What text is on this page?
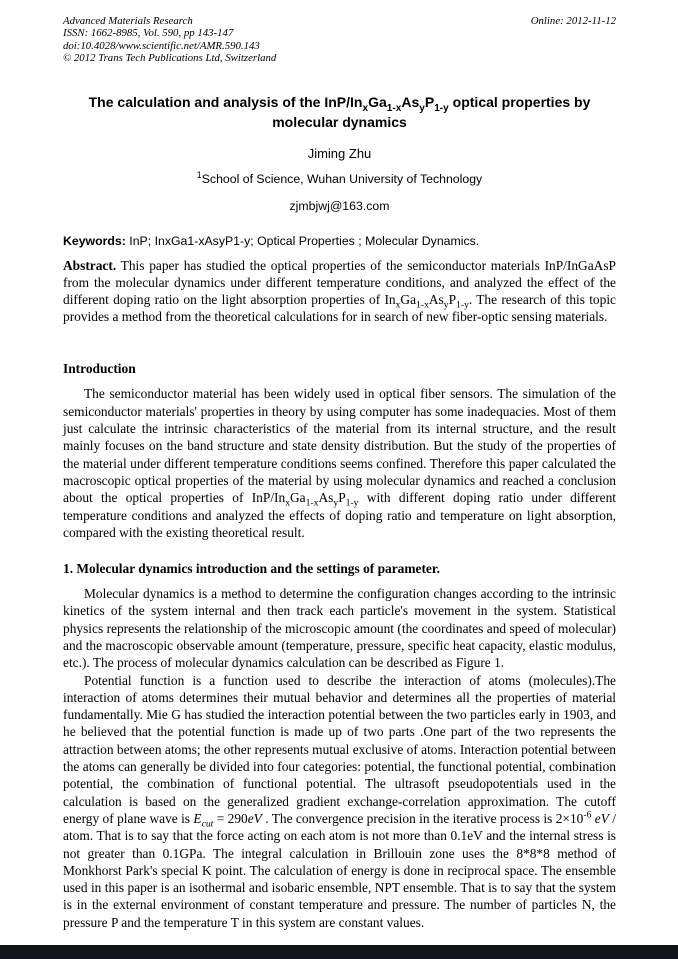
Advanced Materials Research	Online: 2012-11-12
ISSN: 1662-8985, Vol. 590, pp 143-147
doi:10.4028/www.scientific.net/AMR.590.143
© 2012 Trans Tech Publications Ltd, Switzerland
The calculation and analysis of the InP/$In_xGa_{1-x}As_yP_{1-y}$ optical properties by molecular dynamics
Jiming Zhu
$^1$School of Science, Wuhan University of Technology
zjmbjwj@163.com

Keywords: InP; InxGa1-xAsyP1-y; Optical Properties ; Molecular Dynamics.

Abstract. This paper has studied the optical properties of the semiconductor materials InP/InGaAsP from the molecular dynamics under different temperature conditions, and analyzed the effect of the different doping ratio on the light absorption properties of $In_xGa_{1-x}As_yP_{1-y}$. The research of this topic provides a method from the theoretical calculations for in search of new fiber-optic sensing materials.

Introduction

The semiconductor material has been widely used in optical fiber sensors. The simulation of the semiconductor materials' properties in theory by using computer has some inadequacies. Most of them just calculate the intrinsic characteristics of the material from its internal structure, and the result mainly focuses on the band structure and state density distribution. But the study of the properties of the material under different temperature conditions seems confined. Therefore this paper calculated the macroscopic optical properties of the material by using molecular dynamics and reached a conclusion about the optical properties of InP/$In_xGa_{1-x}As_yP_{1-y}$ with different doping ratio under different temperature conditions and analyzed the effects of doping ratio and temperature on light absorption, compared with the existing theoretical result.

1. Molecular dynamics introduction and the settings of parameter.

Molecular dynamics is a method to determine the configuration changes according to the intrinsic kinetics of the system internal and then track each particle's movement in the system. Statistical physics represents the relationship of the microscopic amount (the coordinates and speed of molecular) and the macroscopic observable amount (temperature, pressure, specific heat capacity, elastic modulus, etc.). The process of molecular dynamics calculation can be described as Figure 1.

Potential function is a function used to describe the interaction of atoms (molecules).The interaction of atoms determines their mutual behavior and determines all the properties of material fundamentally. Mie G has studied the interaction potential between the two particles early in 1903, and he believed that the potential function is made up of two parts .One part of the two represents the attraction between atoms; the other represents mutual exclusive of atoms. Interaction potential between the atoms can generally be divided into four categories: potential, the functional potential, combination potential, the combination of functional potential. The ultrasoft pseudopotentials used in the calculation is based on the generalized gradient exchange-correlation approximation. The cutoff energy of plane wave is $E_{cut} = 290eV$ . The convergence precision in the iterative process is $2\times 10^{-6}$ eV / atom. That is to say that the force acting on each atom is not more than 0.1eV and the internal stress is not greater than 0.1GPa. The integral calculation in Brillouin zone uses the 8*8*8 method of Monkhorst Park's special K point. The calculation of energy is done in reciprocal space. The ensemble used in this paper is an isothermal and isobaric ensemble, NPT ensemble. That is to say that the system is in the external environment of constant temperature and pressure. The number of particles N, the pressure P and the temperature T in this system are constant values.
